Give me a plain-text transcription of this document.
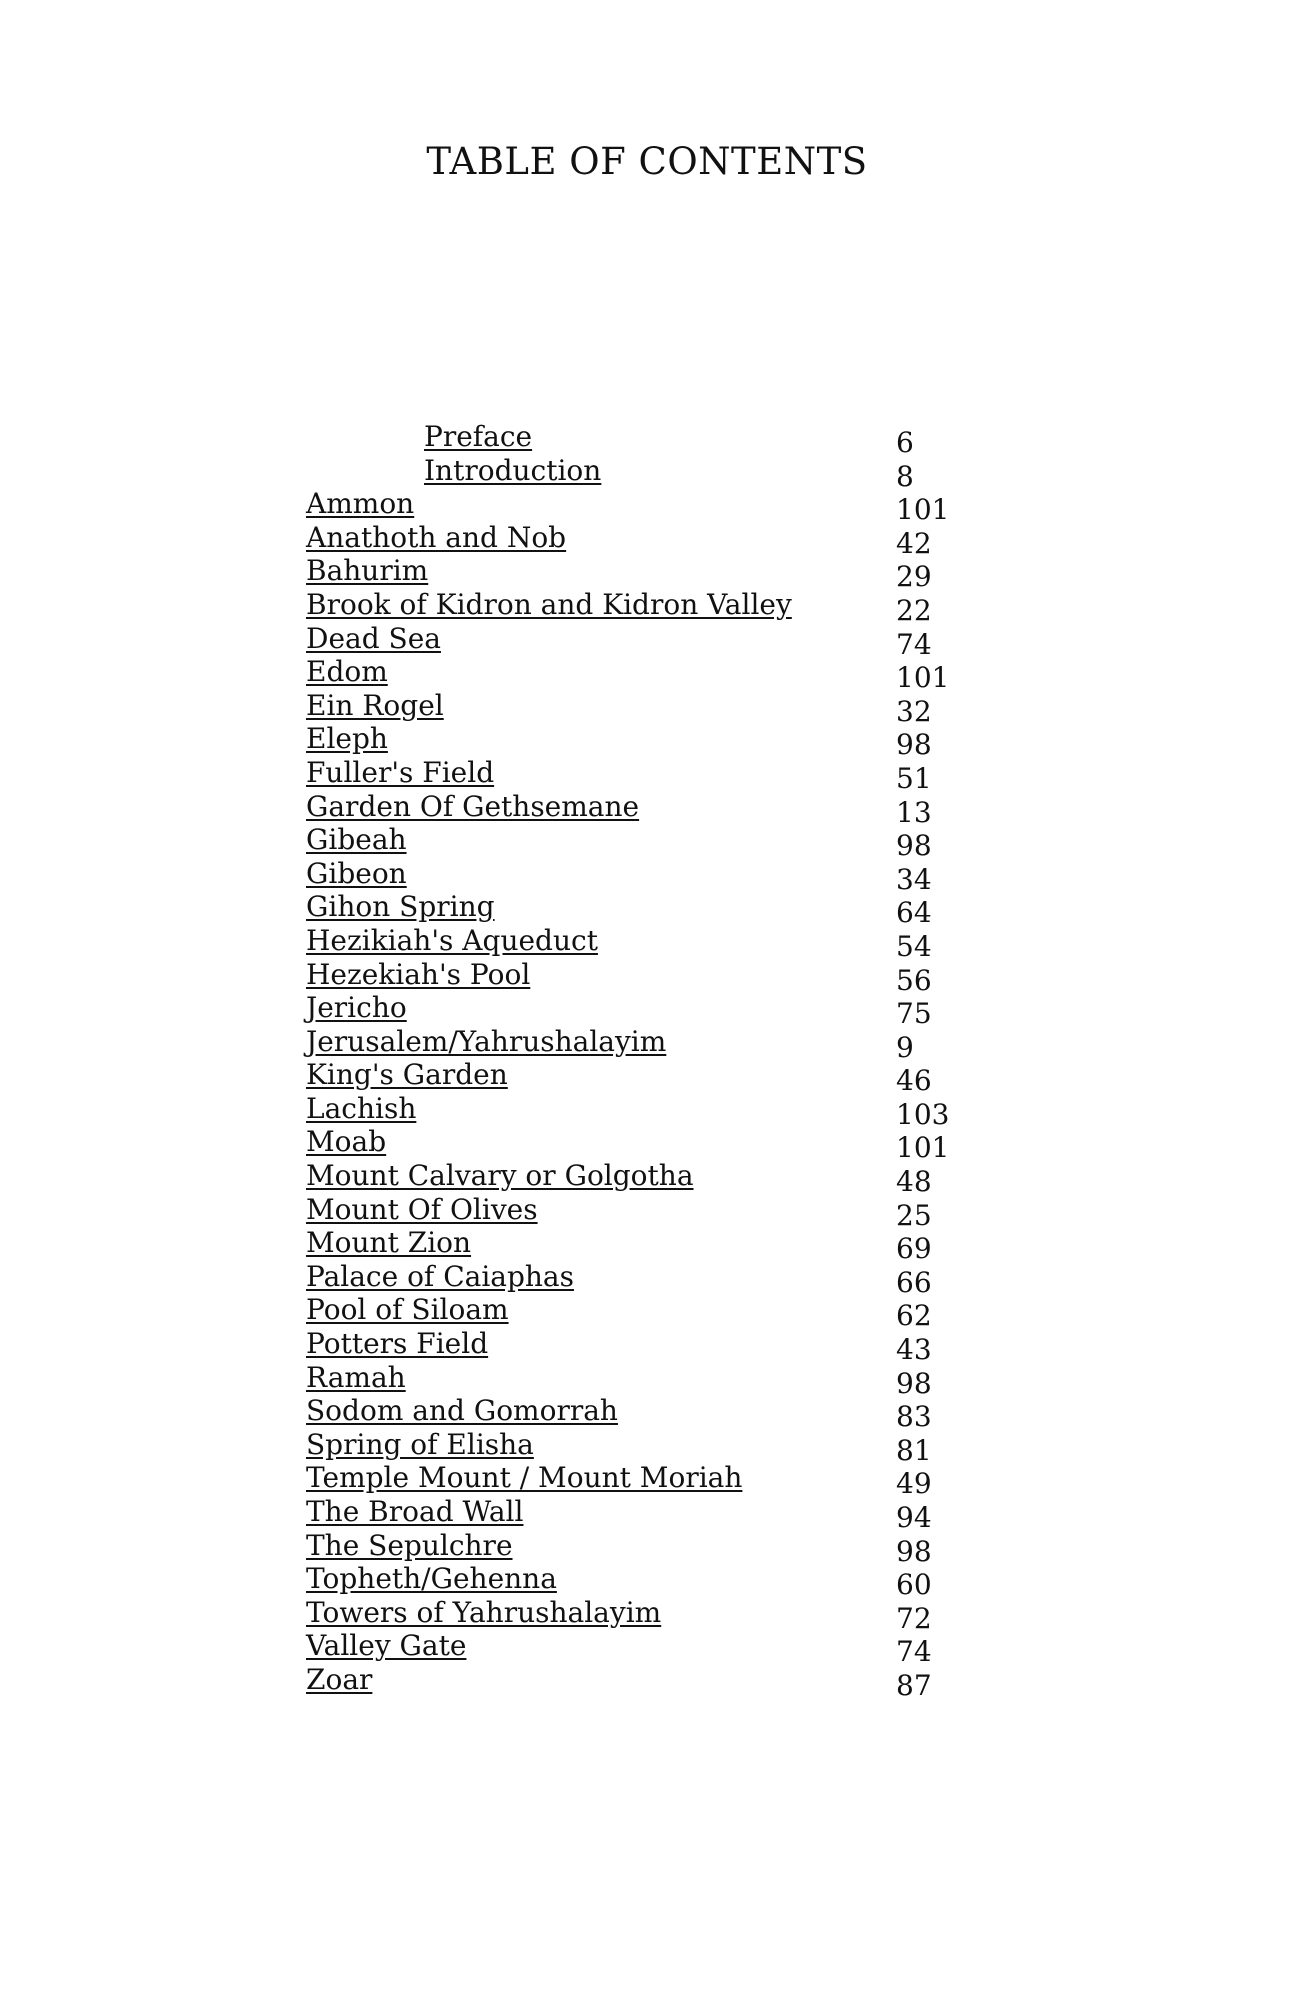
TABLE OF CONTENTS
Preface	6
Introduction	8
Ammon	101
Anathoth and Nob	42
Bahurim	29
Brook of Kidron and Kidron Valley	22
Dead Sea	74
Edom	101
Ein Rogel	32
Eleph	98
Fuller's Field	51
Garden Of Gethsemane	13
Gibeah	98
Gibeon	34
Gihon Spring	64
Hezikiah's Aqueduct	54
Hezekiah's Pool	56
Jericho	75
Jerusalem/Yahrushalayim	9
King's Garden	46
Lachish	103
Moab	101
Mount Calvary or Golgotha	48
Mount Of Olives	25
Mount Zion	69
Palace of Caiaphas	66
Pool of Siloam	62
Potters Field	43
Ramah	98
Sodom and Gomorrah	83
Spring of Elisha	81
Temple Mount / Mount Moriah	49
The Broad Wall	94
The Sepulchre	98
Topheth/Gehenna	60
Towers of Yahrushalayim	72
Valley Gate	74
Zoar	87
